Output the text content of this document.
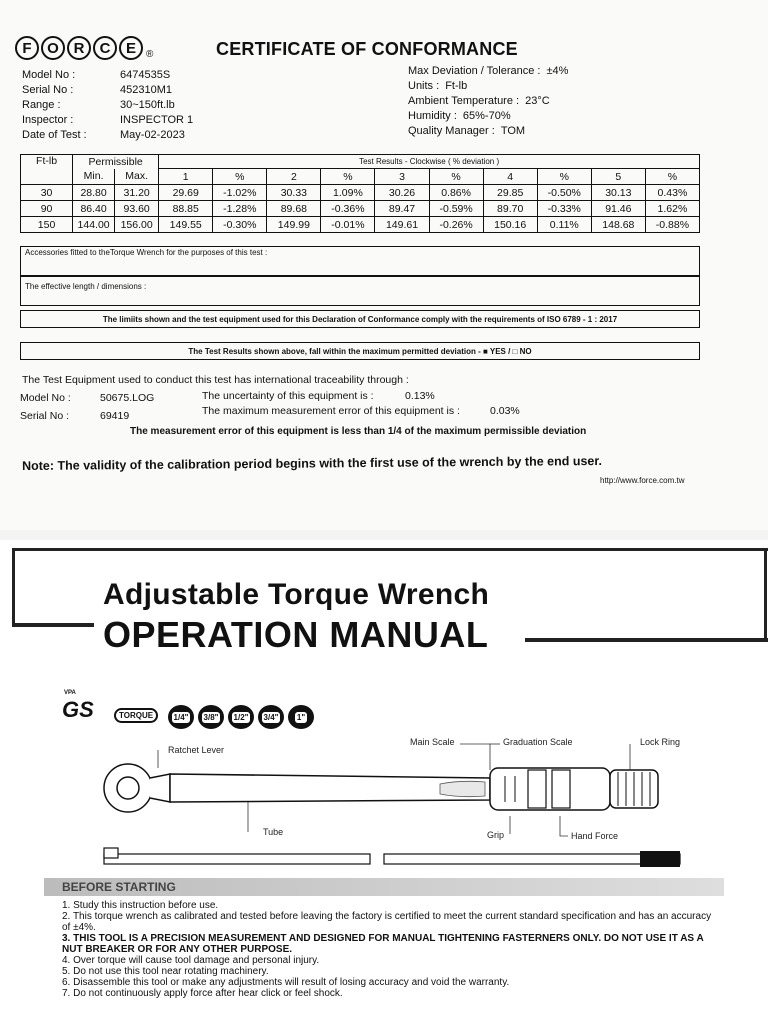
F	O R	C	E	®	CERTIFICATE OF CONFORMANCE
Model No :	6474535S
Serial No :	452310M1
Range :	30~150ft.lb
Inspector :	INSPECTOR 1
Date of Test :	May-02-2023
Max Deviation / Tolerance : ±4%
Units : Ft-lb
Ambient Temperature : 23°C
Humidity : 65%-70%
Quality Manager : TOM
Ft-lb	Permissible		Test Results - Clockwise ( % deviation )									
	Min.	Max.	1	%	2	%	3	%	4	%	5	%
30	28.80	31.20	29.69	-1.02%	30.33	1.09%	30.26	0.86%	29.85	-0.50%	30.13	0.43%
90	86.40	93.60	88.85	-1.28%	89.68	-0.36%	89.47	-0.59%	89.70	-0.33%	91.46	1.62%
150	144.00	156.00	149.55	-0.30%	149.99	-0.01%	149.61	-0.26%	150.16	0.11%	148.68	-0.88%
Accessories fitted to theTorque Wrench for the purposes of this test :
The effective length / dimensions :
The limiits shown and the test equipment used for this Declaration of Conformance comply with the requirements of ISO 6789 - 1 : 2017
The Test Results shown above, fall within the maximum permitted deviation - ■ YES / □ NO
The Test Equipment used to conduct this test has international traceability through :
Model No :	50675.LOG
Serial No :	69419
The uncertainty of this equipment is :	0.13%
The maximum measurement error of this equipment is :	0.03%
The measurement error of this equipment is less than 1/4 of the maximum permissible deviation
Note: The validity of the calibration period begins with the first use of the wrench by the end user.
http://www.force.com.tw
Adjustable Torque Wrench
OPERATION MANUAL
VPA
GS	TORQUE	1/4" 3/8" 1/2" 3/4" 1"
Ratchet Lever
Main Scale	Graduation Scale	Lock Ring
Tube	Grip	Hand Force
BEFORE STARTING
1. Study this instruction before use.
2. This torque wrench as calibrated and tested before leaving the factory is certified to meet the current standard specification and has an accuracy of ±4%.
3. THIS TOOL IS A PRECISION MEASUREMENT AND DESIGNED FOR MANUAL TIGHTENING FASTERNERS ONLY. DO NOT USE IT AS A NUT BREAKER OR FOR ANY OTHER PURPOSE.
4. Over torque will cause tool damage and personal injury.
5. Do not use this tool near rotating machinery.
6. Disassemble this tool or make any adjustments will result of losing accuracy and void the warranty.
7. Do not continuously apply force after hear click or feel shock.
